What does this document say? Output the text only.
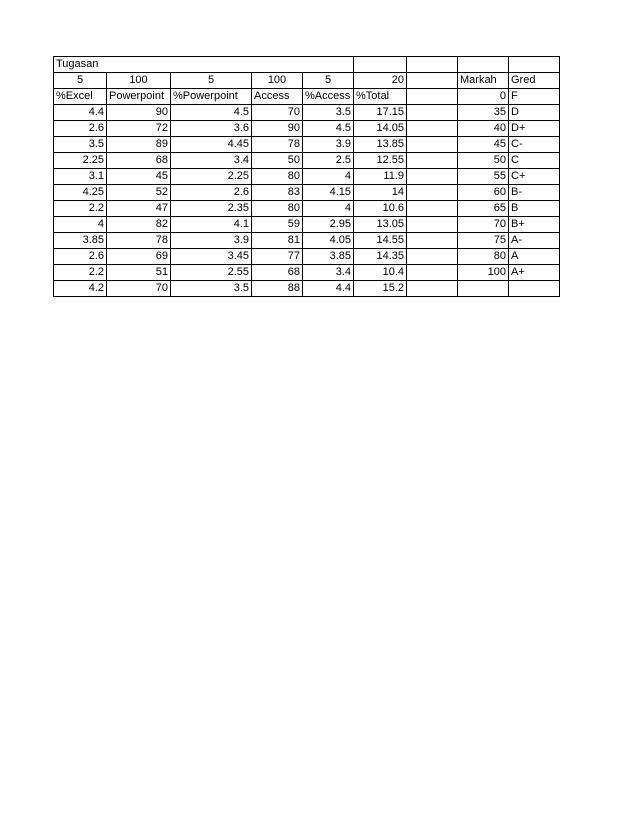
Tugasan								
5	100	5	100	5	20		Markah	Gred
%Excel	Powerpoint	%Powerpoint	Access	%Access	%Total		0	F
4.4	90	4.5	70	3.5	17.15		35	D
2.6	72	3.6	90	4.5	14.05		40	D+
3.5	89	4.45	78	3.9	13.85		45	C-
2.25	68	3.4	50	2.5	12.55		50	C
3.1	45	2.25	80	4	11.9		55	C+
4.25	52	2.6	83	4.15	14		60	B-
2.2	47	2.35	80	4	10.6		65	B
4	82	4.1	59	2.95	13.05		70	B+
3.85	78	3.9	81	4.05	14.55		75	A-
2.6	69	3.45	77	3.85	14.35		80	A
2.2	51	2.55	68	3.4	10.4		100	A+
4.2	70	3.5	88	4.4	15.2			
